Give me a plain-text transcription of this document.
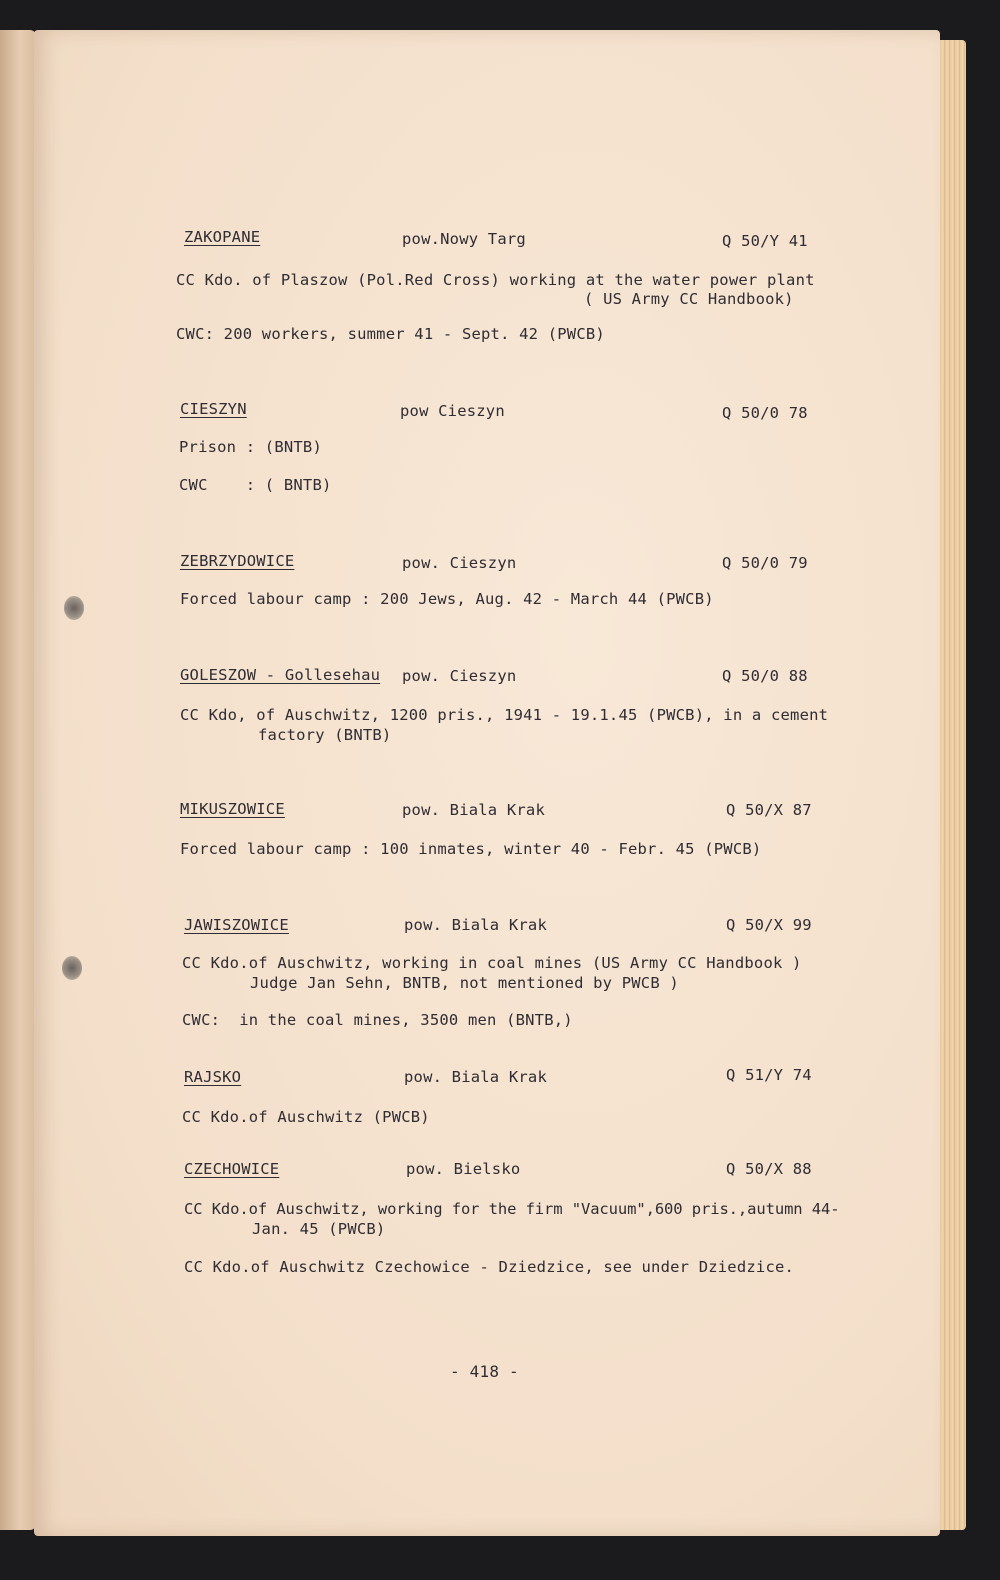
ZAKOPANE	pow.Nowy Targ	Q 50/Y 41
CC Kdo. of Plaszow (Pol.Red Cross) working at the water power plant
( US Army CC Handbook)
CWC: 200 workers, summer 41 - Sept. 42 (PWCB)
CIESZYN	pow Cieszyn	Q 50/0 78
Prison : (BNTB)
CWC    : ( BNTB)
ZEBRZYDOWICE	pow. Cieszyn	Q 50/0 79
Forced labour camp : 200 Jews, Aug. 42 - March 44 (PWCB)
GOLESZOW - Gollesehau pow. Cieszyn	Q 50/0 88
CC Kdo, of Auschwitz, 1200 pris., 1941 - 19.1.45 (PWCB), in a cement
factory (BNTB)
MIKUSZOWICE	pow. Biala Krak	Q 50/X 87
Forced labour camp : 100 inmates, winter 40 - Febr. 45 (PWCB)
JAWISZOWICE	pow. Biala Krak	Q 50/X 99
CC Kdo.of Auschwitz, working in coal mines (US Army CC Handbook )
Judge Jan Sehn, BNTB, not mentioned by PWCB )
CWC:  in the coal mines, 3500 men (BNTB,)
RAJSKO	pow. Biala Krak	Q 51/Y 74
CC Kdo.of Auschwitz (PWCB)
CZECHOWICE	pow. Bielsko	Q 50/X 88
CC Kdo.of Auschwitz, working for the firm "Vacuum",600 pris.,autumn 44-
Jan. 45 (PWCB)
CC Kdo.of Auschwitz Czechowice - Dziedzice, see under Dziedzice.
- 418 -
